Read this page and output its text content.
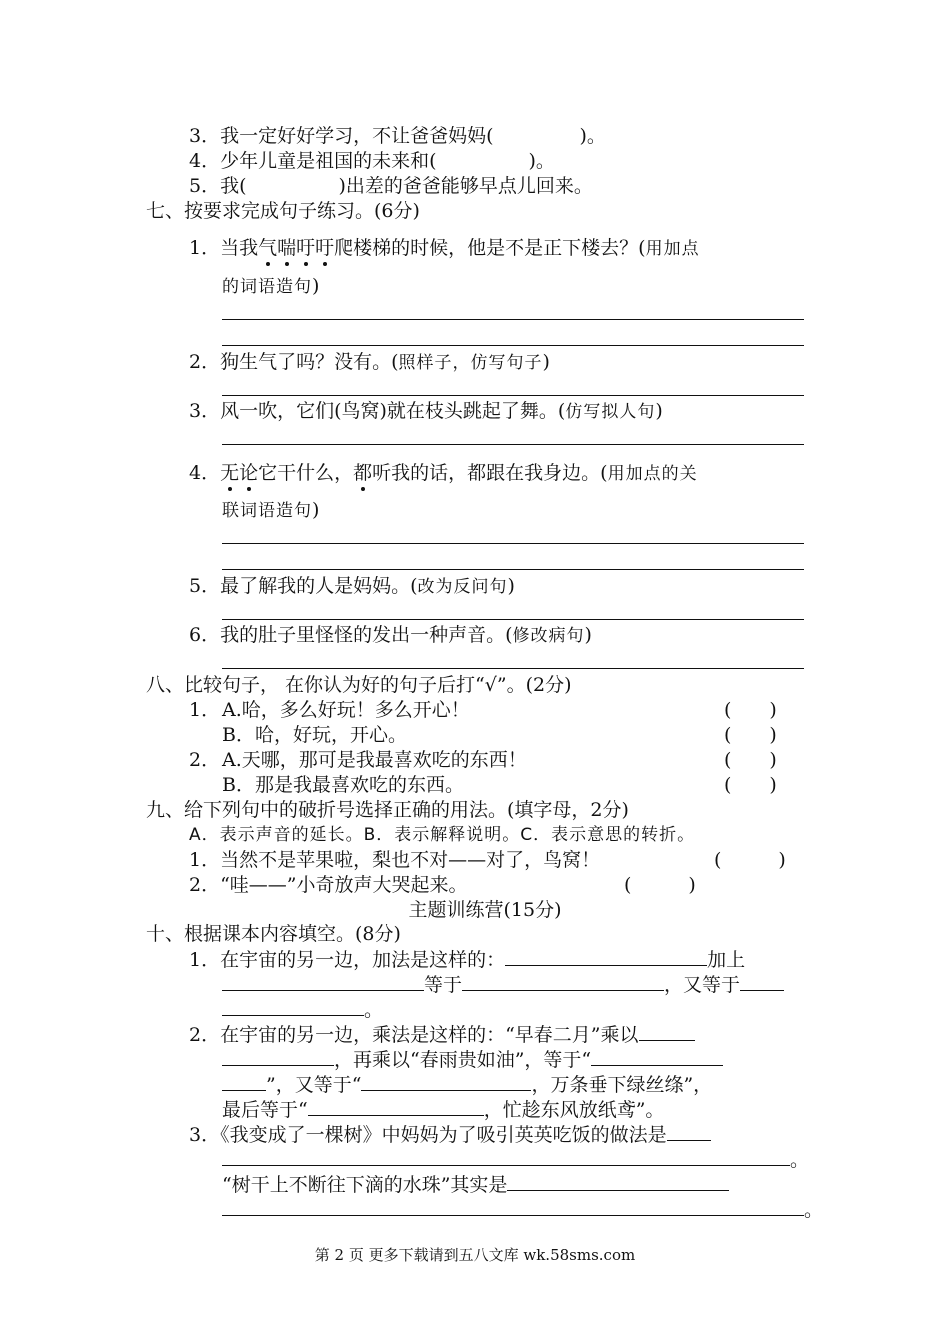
3．我一定好好学习，不让爸爸妈妈(	)。
4．少年儿童是祖国的未来和(	)。
5．我(	)出差的爸爸能够早点儿回来。
七、按要求完成句子练习。(6分)
1．当我气喘吁吁爬楼梯的时候，他是不是正下楼去？(用加点
的词语造句)
2．狗生气了吗？没有。(照样子，仿写句子)
3．风一吹，它们(鸟窝)就在枝头跳起了舞。(仿写拟人句)
4．无论它干什么，都听我的话，都跟在我身边。(用加点的关
联词语造句)
5．最了解我的人是妈妈。(改为反问句)
6．我的肚子里怪怪的发出一种声音。(修改病句)
八、比较句子， 在你认为好的句子后打“√”。(2分)
1． A.哈，多么好玩！多么开心！	(　　)
B．哈，好玩，开心。	(　　)
2． A.天哪，那可是我最喜欢吃的东西！	(　　)
B．那是我最喜欢吃的东西。	(　　)
九、给下列句中的破折号选择正确的用法。(填字母，2分)
A．表示声音的延长。B．表示解释说明。C．表示意思的转折。
1．当然不是苹果啦，梨也不对——对了，鸟窝！	(　　　)
2．“哇——”小奇放声大哭起来。	(　　　)
主题训练营(15分)
十、根据课本内容填空。(8分)
1．在宇宙的另一边，加法是这样的：	加上
等于	，又等于
。
2．在宇宙的另一边，乘法是这样的：“早春二月”乘以
，再乘以“春雨贵如油”，等于“
”，又等于“	，万条垂下绿丝绦”，
最后等于“	，忙趁东风放纸鸢”。
3．《我变成了一棵树》中妈妈为了吸引英英吃饭的做法是
。
“树干上不断往下滴的水珠”其实是
。
第 2 页 更多下载请到五八文库 wk.58sms.com
